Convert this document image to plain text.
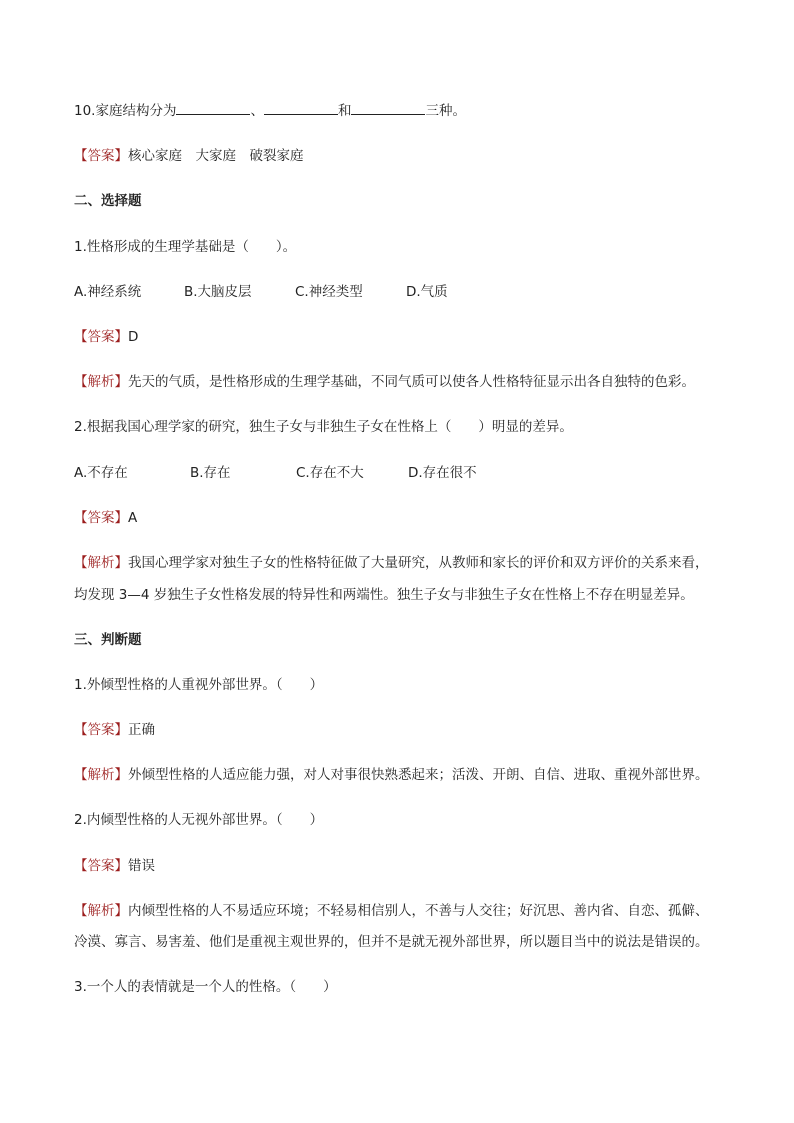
10.家庭结构分为	、	和	三种。
【答案】核心家庭　大家庭　破裂家庭
二、选择题
1.性格形成的生理学基础是（　　）。
A.神经系统	B.大脑皮层	C.神经类型	D.气质
【答案】D
【解析】先天的气质，是性格形成的生理学基础，不同气质可以使各人性格特征显示出各自独特的色彩。
2.根据我国心理学家的研究，独生子女与非独生子女在性格上（　　）明显的差异。
A.不存在	B.存在	C.存在不大	D.存在很不
【答案】A
【解析】我国心理学家对独生子女的性格特征做了大量研究，从教师和家长的评价和双方评价的关系来看，
均发现 3—4 岁独生子女性格发展的特异性和两端性。独生子女与非独生子女在性格上不存在明显差异。
三、判断题
1.外倾型性格的人重视外部世界。（　　）
【答案】正确
【解析】外倾型性格的人适应能力强，对人对事很快熟悉起来；活泼、开朗、自信、进取、重视外部世界。
2.内倾型性格的人无视外部世界。（　　）
【答案】错误
【解析】内倾型性格的人不易适应环境；不轻易相信别人，不善与人交往；好沉思、善内省、自恋、孤僻、
冷漠、寡言、易害羞、他们是重视主观世界的，但并不是就无视外部世界，所以题目当中的说法是错误的。
3.一个人的表情就是一个人的性格。（　　）
